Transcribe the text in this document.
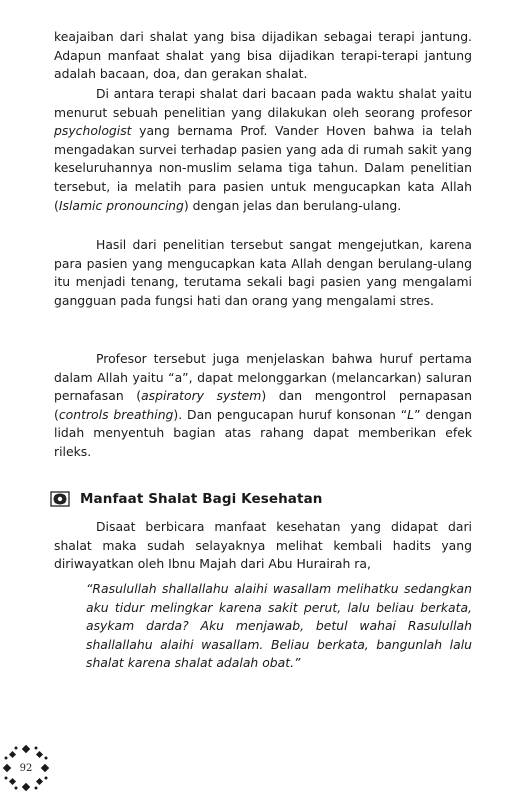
keajaiban dari shalat yang bisa dijadikan sebagai terapi jantung. Adapun manfaat shalat yang bisa dijadikan terapi-terapi jantung adalah bacaan, doa, dan gerakan shalat.

Di antara terapi shalat dari bacaan pada waktu shalat yaitu menurut sebuah penelitian yang dilakukan oleh seorang profesor psychologist yang bernama Prof. Vander Hoven bahwa ia telah mengadakan survei terhadap pasien yang ada di rumah sakit yang keseluruhannya non-muslim selama tiga tahun. Dalam penelitian tersebut, ia melatih para pasien untuk mengucapkan kata Allah (Islamic pronouncing) dengan jelas dan berulang-ulang.

Hasil dari penelitian tersebut sangat mengejutkan, karena para pasien yang mengucapkan kata Allah dengan berulang-ulang itu menjadi tenang, terutama sekali bagi pasien yang mengalami gangguan pada fungsi hati dan orang yang mengalami stres.

Profesor tersebut juga menjelaskan bahwa huruf pertama dalam Allah yaitu “a”, dapat melonggarkan (melancarkan) saluran pernafasan (aspiratory system) dan mengontrol pernapasan (controls breathing). Dan pengucapan huruf konsonan “L” dengan lidah menyentuh bagian atas rahang dapat memberikan efek rileks.

Manfaat Shalat Bagi Kesehatan

Disaat berbicara manfaat kesehatan yang didapat dari shalat maka sudah selayaknya melihat kembali hadits yang diriwayatkan oleh Ibnu Majah dari Abu Hurairah ra,

“Rasulullah shallallahu alaihi wasallam melihatku sedangkan aku tidur melingkar karena sakit perut, lalu beliau berkata, asykam darda? Aku menjawab, betul wahai Rasulullah shallallahu alaihi wasallam. Beliau berkata, bangunlah lalu shalat karena shalat adalah obat.”

92
